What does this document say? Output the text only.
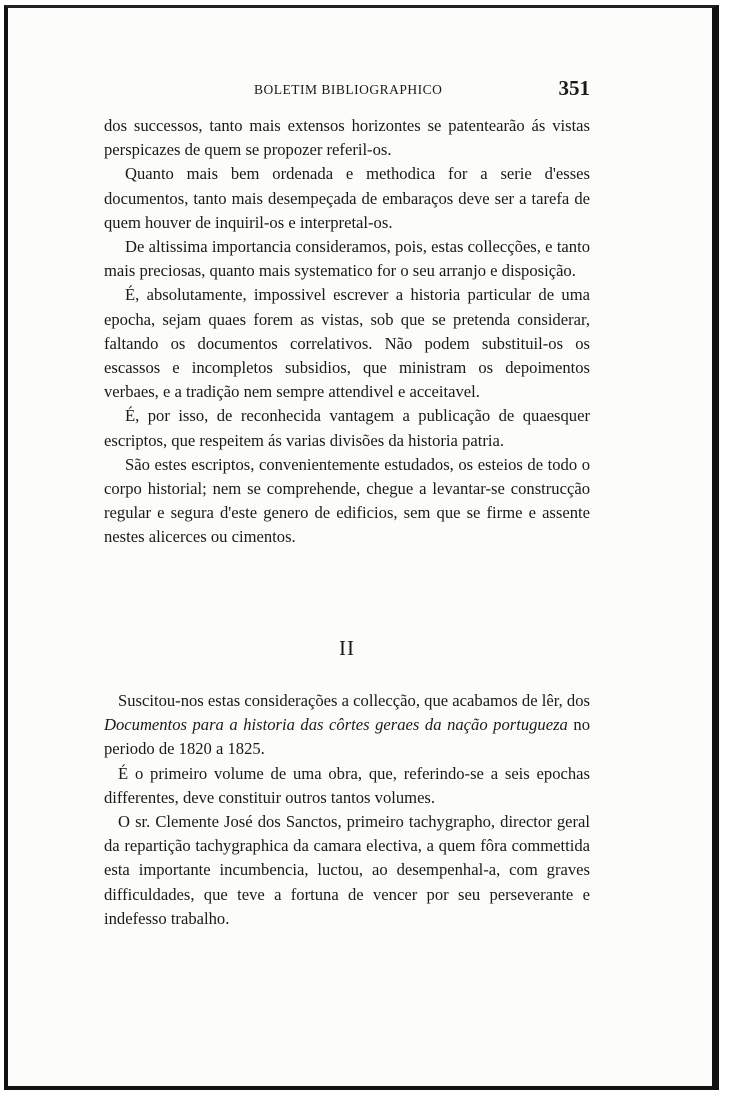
BOLETIM BIBLIOGRAPHICO	351

dos successos, tanto mais extensos horizontes se patentearão ás vistas perspicazes de quem se propozer referil-os.

Quanto mais bem ordenada e methodica for a serie d'esses documentos, tanto mais desempeçada de embaraços deve ser a tarefa de quem houver de inquiril-os e interpretal-os.

De altissima importancia consideramos, pois, estas collecções, e tanto mais preciosas, quanto mais systematico for o seu arranjo e disposição.

É, absolutamente, impossivel escrever a historia particular de uma epocha, sejam quaes forem as vistas, sob que se pretenda considerar, faltando os documentos correlativos. Não podem substituil-os os escassos e incompletos subsidios, que ministram os depoimentos verbaes, e a tradição nem sempre attendivel e acceitavel.

É, por isso, de reconhecida vantagem a publicação de quaesquer escriptos, que respeitem ás varias divisões da historia patria.

São estes escriptos, convenientemente estudados, os esteios de todo o corpo historial; nem se comprehende, chegue a levantar-se construcção regular e segura d'este genero de edificios, sem que se firme e assente nestes alicerces ou cimentos.

II

Suscitou-nos estas considerações a collecção, que acabamos de lêr, dos Documentos para a historia das côrtes geraes da nação portugueza no periodo de 1820 a 1825.

É o primeiro volume de uma obra, que, referindo-se a seis epochas differentes, deve constituir outros tantos volumes.

O sr. Clemente José dos Sanctos, primeiro tachygrapho, director geral da repartição tachygraphica da camara electiva, a quem fôra commettida esta importante incumbencia, luctou, ao desempenhal-a, com graves difficuldades, que teve a fortuna de vencer por seu perseverante e indefesso trabalho.
